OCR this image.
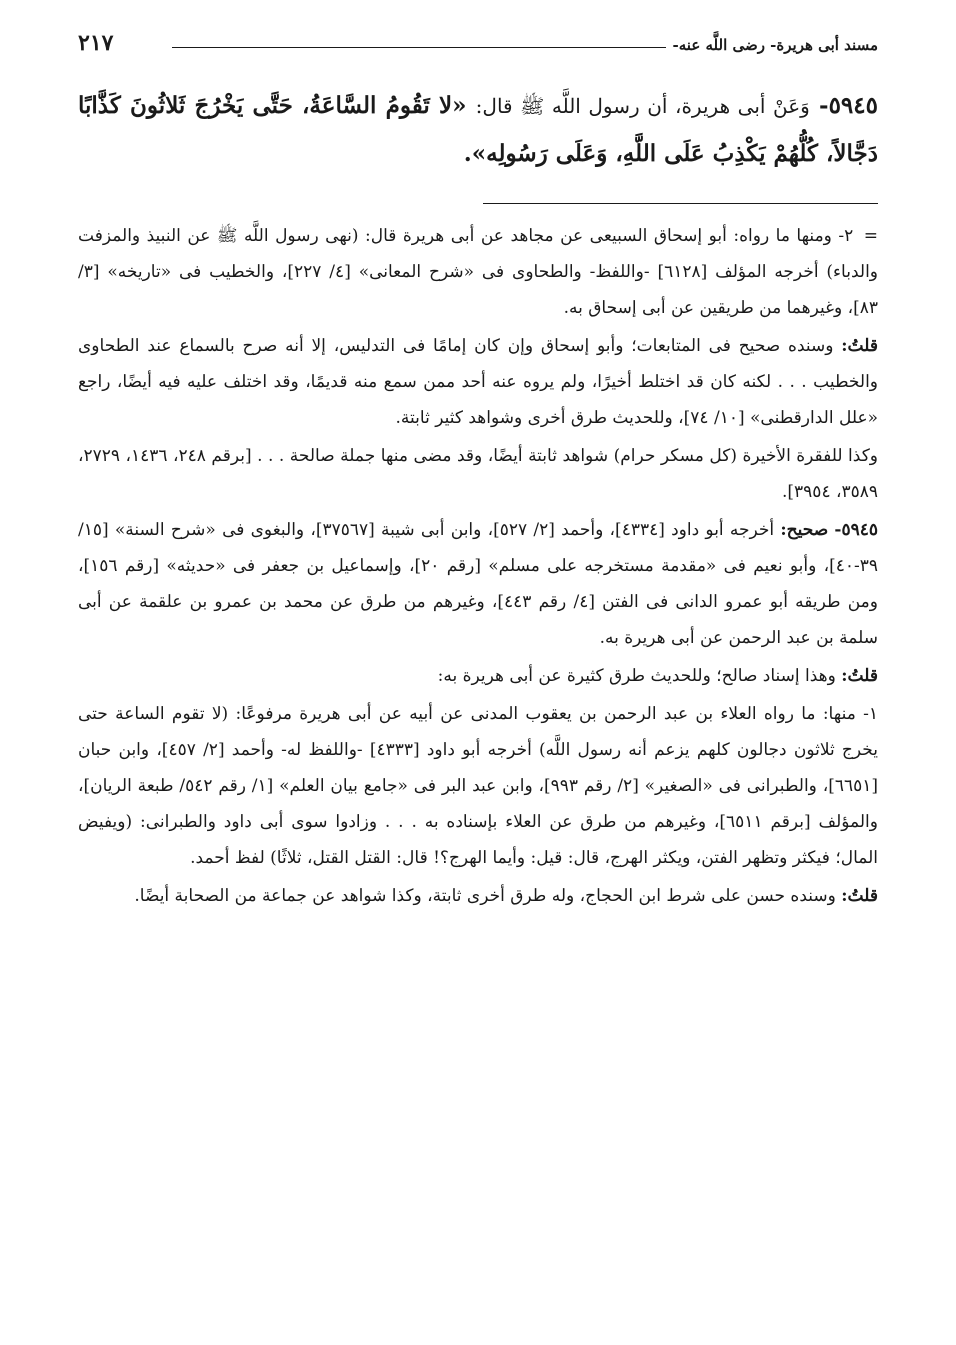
مسند أبى هريرة- رضى اللَّه عنه-
٢١٧
٥٩٤٥- وَعَنْ أبى هريرة، أن رسول اللَّه ﷺ قال: «لا تَقُومُ السَّاعَةُ، حَتَّى يَخْرُجَ ثَلاثُونَ كَذَّابًا دَجَّالاً، كُلُّهُمْ يَكْذِبُ عَلَى اللَّهِ، وَعَلَى رَسُولِه».

= ٢- ومنها ما رواه: أبو إسحاق السبيعى عن مجاهد عن أبى هريرة قال: (نهى رسول اللَّه ﷺ عن النبيذ والمزفت والدباء) أخرجه المؤلف [٦١٢٨] -واللفظ- والطحاوى فى «شرح المعانى» [٤/ ٢٢٧]، والخطيب فى «تاريخه» [٣/ ٨٣]، وغيرهما من طريقين عن أبى إسحاق به.

قلتُ: وسنده صحيح فى المتابعات؛ وأبو إسحاق وإن كان إمامًا فى التدليس، إلا أنه صرح بالسماع عند الطحاوى والخطيب . . . لكنه كان قد اختلط أخيرًا، ولم يروه عنه أحد ممن سمع منه قديمًا، وقد اختلف عليه فيه أيضًا، راجع «علل الدارقطنى» [١٠/ ٧٤]، وللحديث طرق أخرى وشواهد كثير ثابتة.

وكذا للفقرة الأخيرة (كل مسكر حرام) شواهد ثابتة أيضًا، وقد مضى منها جملة صالحة . . . [برقم ٢٤٨، ١٤٣٦، ٢٧٢٩، ٣٥٨٩، ٣٩٥٤].

٥٩٤٥- صحيح: أخرجه أبو داود [٤٣٣٤]، وأحمد [٢/ ٥٢٧]، وابن أبى شيبة [٣٧٥٦٧]، والبغوى فى «شرح السنة» [١٥/ ٣٩-٤٠]، وأبو نعيم فى «مقدمة مستخرجه على مسلم» [رقم ٢٠]، وإسماعيل بن جعفر فى «حديثه» [رقم ١٥٦]، ومن طريقه أبو عمرو الدانى فى الفتن [٤/ رقم ٤٤٣]، وغيرهم من طرق عن محمد بن عمرو بن علقمة عن أبى سلمة بن عبد الرحمن عن أبى هريرة به.

قلتُ: وهذا إسناد صالح؛ وللحديث طرق كثيرة عن أبى هريرة به:

١- منها: ما رواه العلاء بن عبد الرحمن بن يعقوب المدنى عن أبيه عن أبى هريرة مرفوعًا: (لا تقوم الساعة حتى يخرج ثلاثون دجالون كلهم يزعم أنه رسول اللَّه) أخرجه أبو داود [٤٣٣٣] -واللفظ له- وأحمد [٢/ ٤٥٧]، وابن حبان [٦٦٥١]، والطبرانى فى «الصغير» [٢/ رقم ٩٩٣]، وابن عبد البر فى «جامع بيان العلم» [١/ رقم ٥٤٢/ طبعة الريان]، والمؤلف [برقم ٦٥١١]، وغيرهم من طرق عن العلاء بإسناده به . . . وزادوا سوى أبى داود والطبرانى: (ويفيض المال؛ فيكثر وتظهر الفتن، ويكثر الهرج، قال: قيل: وأيما الهرج؟! قال: القتل القتل، ثلاثًا) لفظ أحمد.

قلتُ: وسنده حسن على شرط ابن الحجاج، وله طرق أخرى ثابتة، وكذا شواهد عن جماعة من الصحابة أيضًا.
